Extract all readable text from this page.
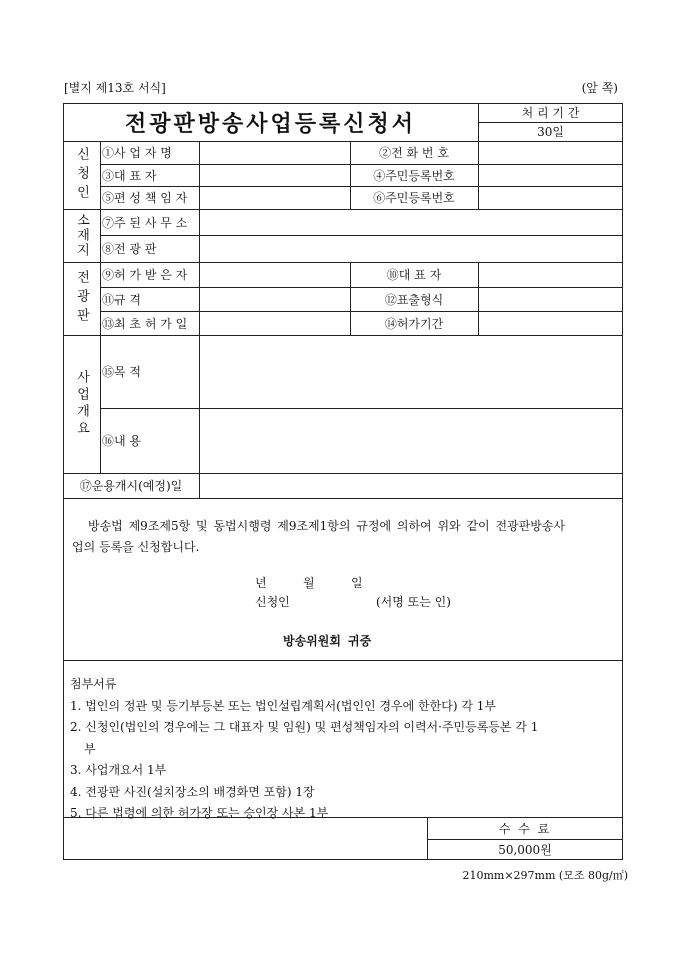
[별지 제13호 서식]	(앞 쪽)
전광판방송사업등록신청서	처 리 기 간
30일
신청인 ①사 업 자 명	②전 화 번 호
③대 표 자	④주민등록번호
⑤편 성 책 임 자	⑥주민등록번호
소재지 ⑦주 된 사 무 소
⑧전 광 판
전광판 ⑨허 가 받 은 자	⑩대 표 자
⑪규 격	⑫표출형식
⑬최 초 허 가 일	⑭허가기간
사업개요 ⑮목 적
⑯내 용
⑰운용개시(예정)일
방송법 제9조제5항 및 동법시행령 제9조제1항의 규정에 의하여 위와 같이 전광판방송사
업의 등록을 신청합니다.
년	월	일
신청인	(서명 또는 인)
방송위원회 귀중
첨부서류
1. 법인의 정관 및 등기부등본 또는 법인설립계획서(법인인 경우에 한한다) 각 1부
2. 신청인(법인의 경우에는 그 대표자 및 임원) 및 편성책임자의 이력서·주민등록등본 각 1
부
3. 사업개요서 1부
4. 전광판 사진(설치장소의 배경화면 포함) 1장
5. 다른 법령에 의한 허가장 또는 승인장 사본 1부
수 수 료
50,000원
210mm×297mm (모조 80g/㎡)
